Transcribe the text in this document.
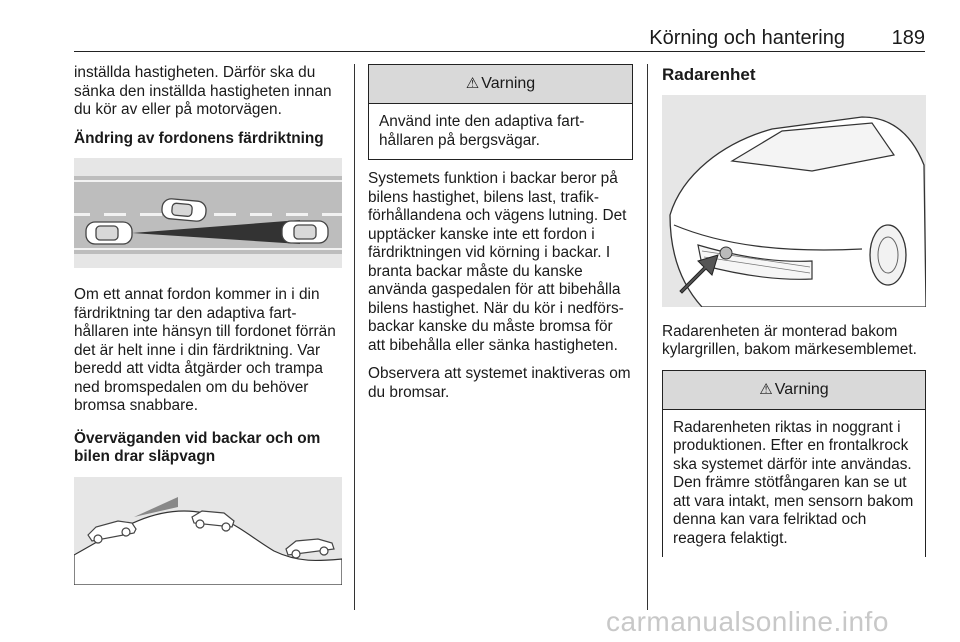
Körning och hantering 189

inställda hastigheten. Därför ska du sänka den inställda hastigheten innan du kör av eller på motorvägen.

Ändring av fordonens färdriktning

Om ett annat fordon kommer in i din färdriktning tar den adaptiva farthållaren inte hänsyn till fordonet förrän det är helt inne i din färdriktning. Var beredd att vidta åtgärder och trampa ned bromspedalen om du behöver bromsa snabbare.

Överväganden vid backar och om bilen drar släpvagn
⚠ Varning
Använd inte den adaptiva farthållaren på bergsvägar.

Systemets funktion i backar beror på bilens hastighet, bilens last, trafikförhållandena och vägens lutning. Det upptäcker kanske inte ett fordon i färdriktningen vid körning i backar. I branta backar måste du kanske använda gaspedalen för att bibehålla bilens hastighet. När du kör i nedförsbackar kanske du måste bromsa för att bibehålla eller sänka hastigheten.

Observera att systemet inaktiveras om du bromsar.

Radarenhet

Radarenheten är monterad bakom kylargrillen, bakom märkesemblemet.

⚠ Varning
Radarenheten riktas in noggrant i produktionen. Efter en frontalkrock ska systemet därför inte användas. Den främre stötfångaren kan se ut att vara intakt, men sensorn bakom denna kan vara felriktad och reagera felaktigt.
carmanualsonline.info
